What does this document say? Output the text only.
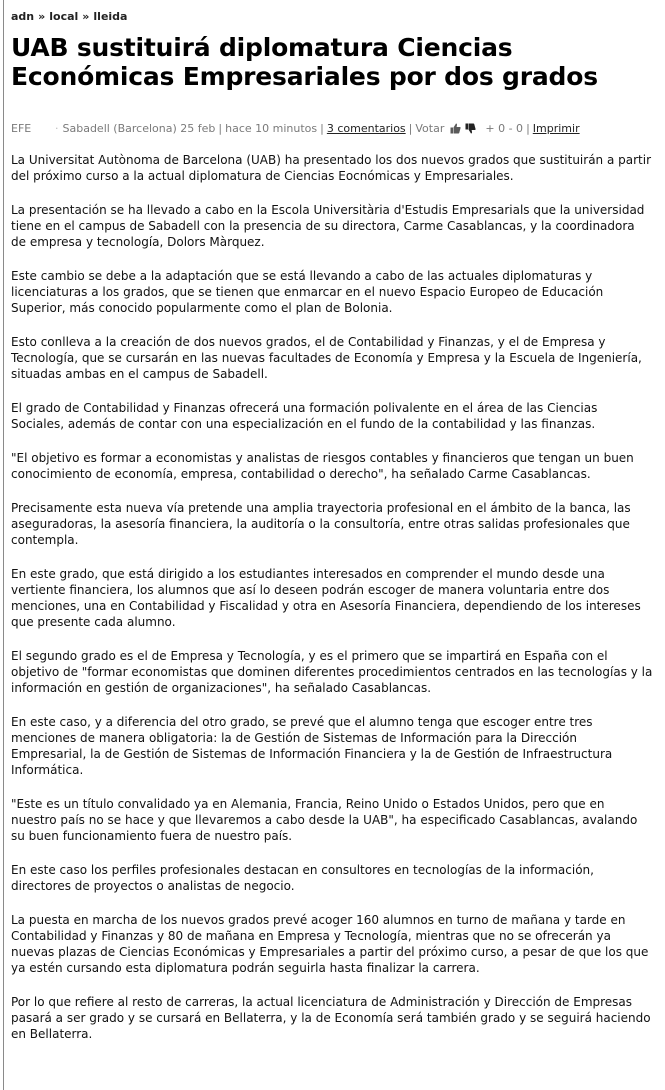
adn » local » lleida
UAB sustituirá diplomatura Ciencias Económicas Empresariales por dos grados
EFE · Sabadell (Barcelona) 25 feb | hace 10 minutos | 3 comentarios | Votar	+ 0 - 0 | Imprimir

La Universitat Autònoma de Barcelona (UAB) ha presentado los dos nuevos grados que sustituirán a partir del próximo curso a la actual diplomatura de Ciencias Eocnómicas y Empresariales.

La presentación se ha llevado a cabo en la Escola Universitària d'Estudis Empresarials que la universidad tiene en el campus de Sabadell con la presencia de su directora, Carme Casablancas, y la coordinadora de empresa y tecnología, Dolors Màrquez.

Este cambio se debe a la adaptación que se está llevando a cabo de las actuales diplomaturas y licenciaturas a los grados, que se tienen que enmarcar en el nuevo Espacio Europeo de Educación Superior, más conocido popularmente como el plan de Bolonia.

Esto conlleva a la creación de dos nuevos grados, el de Contabilidad y Finanzas, y el de Empresa y Tecnología, que se cursarán en las nuevas facultades de Economía y Empresa y la Escuela de Ingeniería, situadas ambas en el campus de Sabadell.

El grado de Contabilidad y Finanzas ofrecerá una formación polivalente en el área de las Ciencias Sociales, además de contar con una especialización en el fundo de la contabilidad y las finanzas.

"El objetivo es formar a economistas y analistas de riesgos contables y financieros que tengan un buen conocimiento de economía, empresa, contabilidad o derecho", ha señalado Carme Casablancas.

Precisamente esta nueva vía pretende una amplia trayectoria profesional en el ámbito de la banca, las aseguradoras, la asesoría financiera, la auditoría o la consultoría, entre otras salidas profesionales que contempla.

En este grado, que está dirigido a los estudiantes interesados en comprender el mundo desde una vertiente financiera, los alumnos que así lo deseen podrán escoger de manera voluntaria entre dos menciones, una en Contabilidad y Fiscalidad y otra en Asesoría Financiera, dependiendo de los intereses que presente cada alumno.

El segundo grado es el de Empresa y Tecnología, y es el primero que se impartirá en España con el objetivo de "formar economistas que dominen diferentes procedimientos centrados en las tecnologías y la información en gestión de organizaciones", ha señalado Casablancas.

En este caso, y a diferencia del otro grado, se prevé que el alumno tenga que escoger entre tres menciones de manera obligatoria: la de Gestión de Sistemas de Información para la Dirección Empresarial, la de Gestión de Sistemas de Información Financiera y la de Gestión de Infraestructura Informática.

"Este es un título convalidado ya en Alemania, Francia, Reino Unido o Estados Unidos, pero que en nuestro país no se hace y que llevaremos a cabo desde la UAB", ha especificado Casablancas, avalando su buen funcionamiento fuera de nuestro país.

En este caso los perfiles profesionales destacan en consultores en tecnologías de la información, directores de proyectos o analistas de negocio.

La puesta en marcha de los nuevos grados prevé acoger 160 alumnos en turno de mañana y tarde en Contabilidad y Finanzas y 80 de mañana en Empresa y Tecnología, mientras que no se ofrecerán ya nuevas plazas de Ciencias Económicas y Empresariales a partir del próximo curso, a pesar de que los que ya estén cursando esta diplomatura podrán seguirla hasta finalizar la carrera.

Por lo que refiere al resto de carreras, la actual licenciatura de Administración y Dirección de Empresas pasará a ser grado y se cursará en Bellaterra, y la de Economía será también grado y se seguirá haciendo en Bellaterra.
